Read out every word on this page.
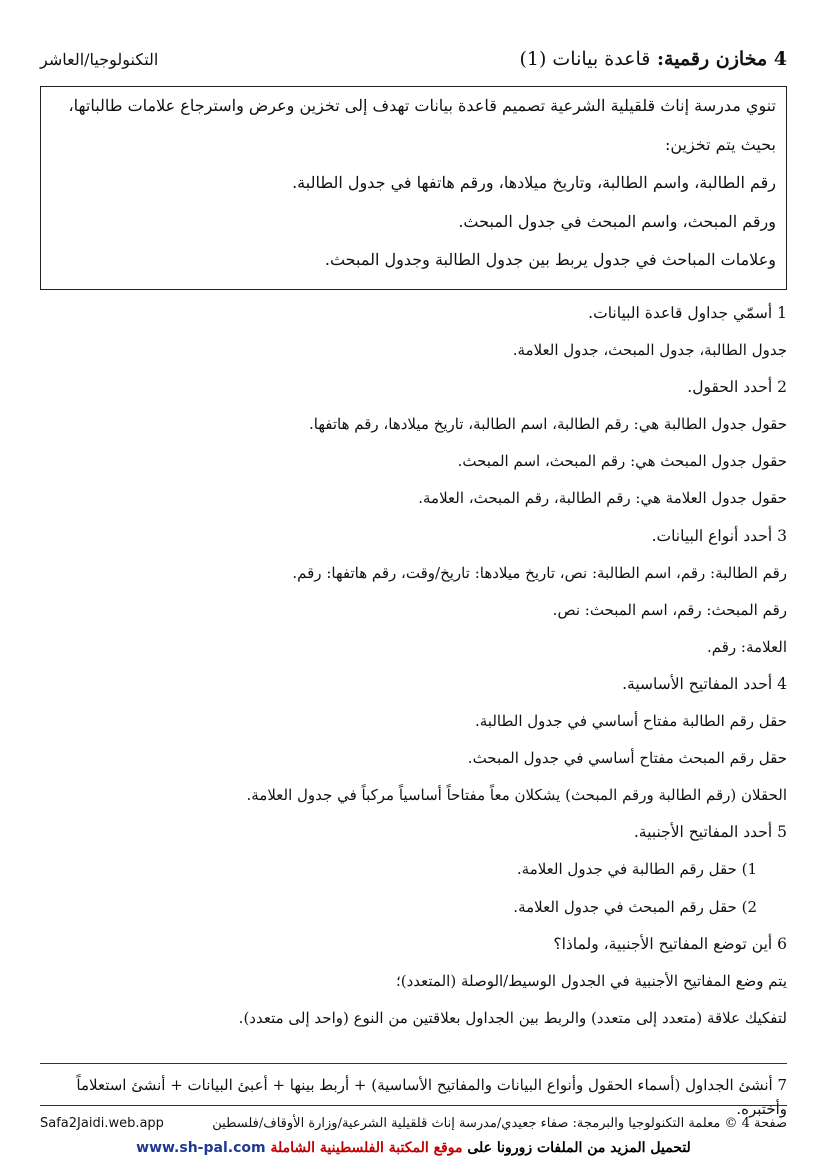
4 مخازن رقمية: قاعدة بيانات (1)
التكنولوجيا/العاشر

تنوي مدرسة إناث قلقيلية الشرعية تصميم قاعدة بيانات تهدف إلى تخزين وعرض واسترجاع علامات طالباتها،

بحيث يتم تخزين:

رقم الطالبة، واسم الطالبة، وتاريخ ميلادها، ورقم هاتفها في جدول الطالبة.

ورقم المبحث، واسم المبحث في جدول المبحث.

وعلامات المباحث في جدول يربط بين جدول الطالبة وجدول المبحث.

1 أسمّي جداول قاعدة البيانات.

جدول الطالبة، جدول المبحث، جدول العلامة.

2 أحدد الحقول.

حقول جدول الطالبة هي: رقم الطالبة، اسم الطالبة، تاريخ ميلادها، رقم هاتفها.

حقول جدول المبحث هي: رقم المبحث، اسم المبحث.

حقول جدول العلامة هي: رقم الطالبة، رقم المبحث، العلامة.

3 أحدد أنواع البيانات.

رقم الطالبة: رقم، اسم الطالبة: نص، تاريخ ميلادها: تاريخ/وقت، رقم هاتفها: رقم.

رقم المبحث: رقم، اسم المبحث: نص.

العلامة: رقم.

4 أحدد المفاتيح الأساسية.

حقل رقم الطالبة مفتاح أساسي في جدول الطالبة.

حقل رقم المبحث مفتاح أساسي في جدول المبحث.

الحقلان (رقم الطالبة ورقم المبحث) يشكلان معاً مفتاحاً أساسياً مركباً في جدول العلامة.

5 أحدد المفاتيح الأجنبية.

1) حقل رقم الطالبة في جدول العلامة.

2) حقل رقم المبحث في جدول العلامة.

6 أين توضع المفاتيح الأجنبية، ولماذا؟

يتم وضع المفاتيح الأجنبية في الجدول الوسيط/الوصلة (المتعدد)؛

لتفكيك علاقة (متعدد إلى متعدد) والربط بين الجداول بعلاقتين من النوع (واحد إلى متعدد).

7 أنشئ الجداول (أسماء الحقول وأنواع البيانات والمفاتيح الأساسية) + أربط بينها + أعبئ البيانات + أنشئ استعلاماً وأختبره.
صفحة 4 © معلمة التكنولوجيا والبرمجة: صفاء جعيدي/مدرسة إناث قلقيلية الشرعية/وزارة الأوقاف/فلسطين
Safa2Jaidi.web.app
لتحميل المزيد من الملفات زورونا على موقع المكتبة الفلسطينية الشاملة www.sh-pal.com
